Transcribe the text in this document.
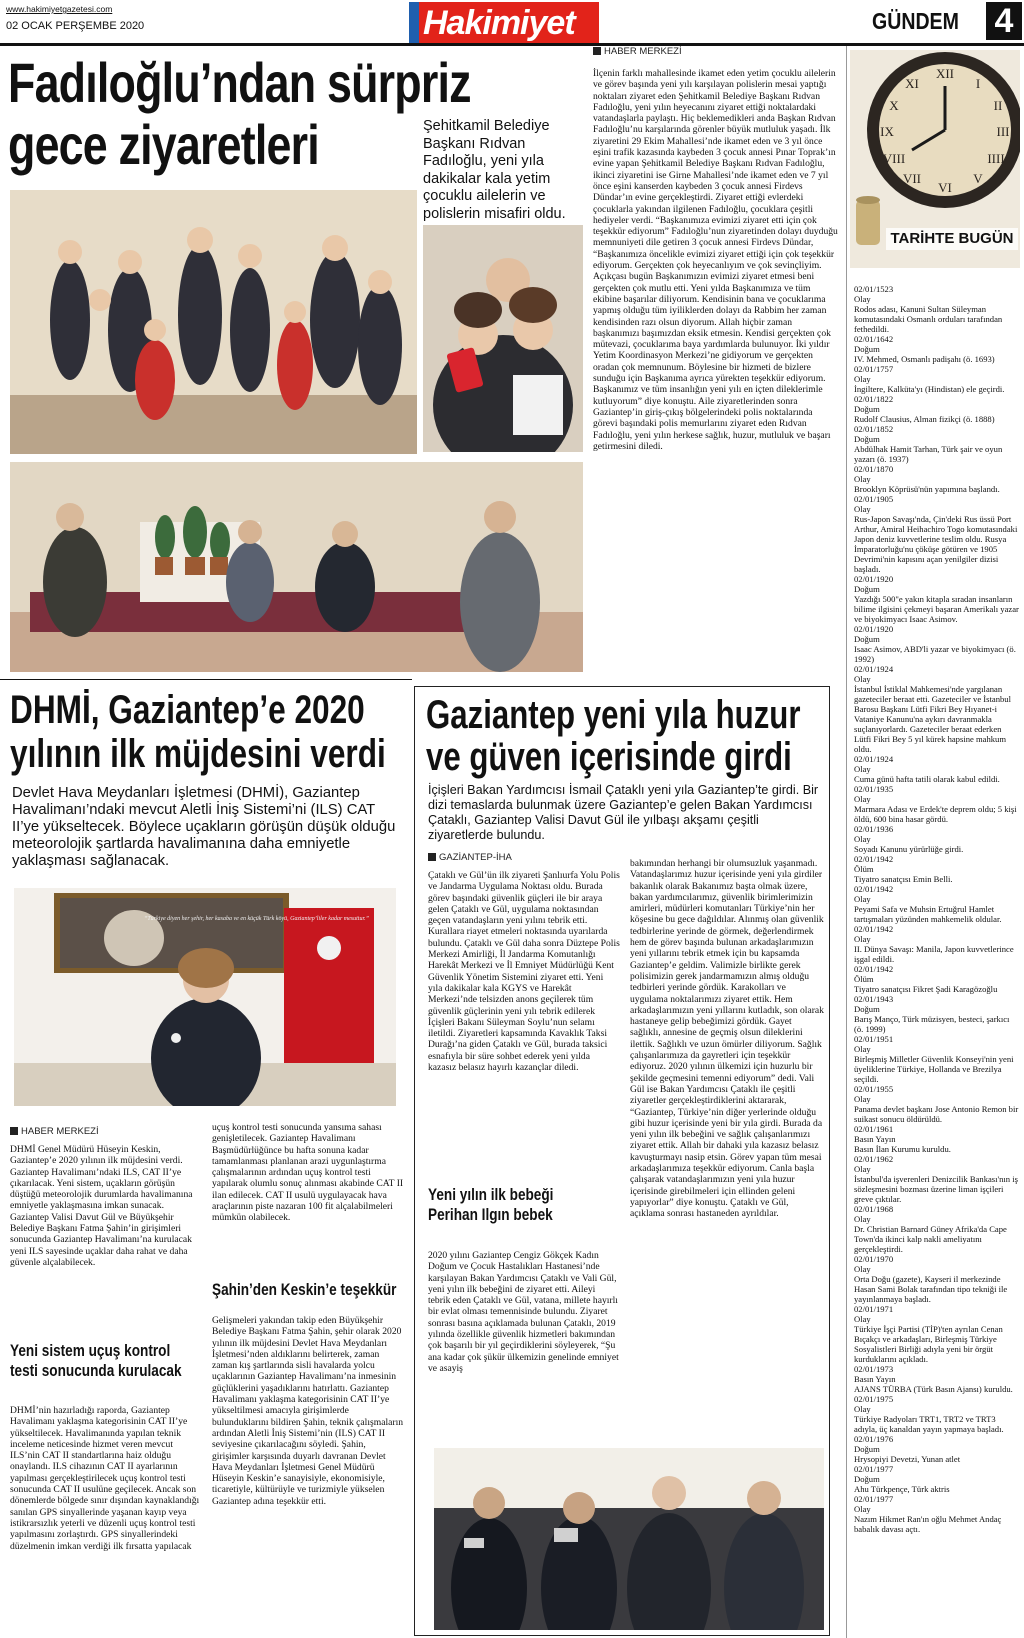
www.hakimiyetgazetesi.com
02 OCAK PERŞEMBE 2020	Hakimiyet	GÜNDEM 4
Fadıloğlu’ndan sürpriz
gece ziyaretleri	Şehitkamil Belediye Başkanı Rıdvan Fadıloğlu, yeni yıla dakikalar kala yetim çocuklu ailelerin ve polislerin misafiri oldu.
HABER MERKEZİ
İlçenin farklı mahallesinde ikamet eden yetim çocuklu ailelerin ve görev başında yeni yılı karşılayan polislerin mesai yaptığı noktaları ziyaret eden Şehitkamil Belediye Başkanı Rıdvan Fadıloğlu, yeni yılın heyecanını ziyaret ettiği noktalardaki vatandaşlarla paylaştı. Hiç beklemedikleri anda Başkan Rıdvan Fadıloğlu’nu karşılarında görenler büyük mutluluk yaşadı. İlk ziyaretini 29 Ekim Mahallesi’nde ikamet eden ve 3 yıl önce eşini trafik kazasında kaybeden 3 çocuk annesi Pınar Toprak’ın evine yapan Şehitkamil Belediye Başkanı Rıdvan Fadıloğlu, ikinci ziyaretini ise Girne Mahallesi’nde ikamet eden ve 7 yıl önce eşini kanserden kaybeden 3 çocuk annesi Firdevs Dündar’ın evine gerçekleştirdi. Ziyaret ettiği evlerdeki çocuklarla yakından ilgilenen Fadıloğlu, çocuklara çeşitli hediyeler verdi. “Başkanımıza evimizi ziyaret etti için çok teşekkür ediyorum” Fadıloğlu’nun ziyaretinden dolayı duyduğu memnuniyeti dile getiren 3 çocuk annesi Firdevs Dündar, “Başkanımıza öncelikle evimizi ziyaret ettiği için çok teşekkür ediyorum. Gerçekten çok heyecanlıyım ve çok sevinçliyim. Açıkçası bugün Başkanımızın evimizi ziyaret etmesi beni gerçekten çok mutlu etti. Yeni yılda Başkanımıza ve tüm ekibine başarılar diliyorum. Kendisinin bana ve çocuklarıma yapmış olduğu tüm iyiliklerden dolayı da Rabbim her zaman kendisinden razı olsun diyorum. Allah hiçbir zaman başkanımızı başımızdan eksik etmesin. Kendisi gerçekten çok mütevazi, çocuklarıma baya yardımlarda bulunuyor. İki yıldır Yetim Koordinasyon Merkezi’ne gidiyorum ve gerçekten oradan çok memnunum. Böylesine bir hizmeti de bizlere sunduğu için Başkanıma ayrıca yürekten teşekkür ediyorum. Başkanımız ve tüm insanlığın yeni yılı en içten dileklerimle kutluyorum” diye konuştu. Aile ziyaretlerinden sonra Gaziantep’in giriş-çıkış bölgelerindeki polis noktalarında görevi başındaki polis memurlarını ziyaret eden Rıdvan Fadıloğlu, yeni yılın herkese sağlık, huzur, mutluluk ve başarı getirmesini diledi.
XII
I
II
III
IIII
V
VI
VII
VIII
IX
X
XI
TARİHTE BUGÜN
02/01/1523
Olay
Rodos adası, Kanuni Sultan Süleyman komutasındaki Osmanlı orduları tarafından fethedildi.
02/01/1642
Doğum
IV. Mehmed, Osmanlı padişahı (ö. 1693)
02/01/1757
Olay
İngiltere, Kalküta'yı (Hindistan) ele geçirdi.
02/01/1822
Doğum
Rudolf Clausius, Alman fizikçi (ö. 1888)
02/01/1852
Doğum
Abdülhak Hamit Tarhan, Türk şair ve oyun yazarı (ö. 1937)
02/01/1870
Olay
Brooklyn Köprüsü'nün yapımına başlandı.
02/01/1905
Olay
Rus-Japon Savaşı'nda, Çin'deki Rus üssü Port Arthur, Amiral Heihachiro Togo komutasındaki Japon deniz kuvvetlerine teslim oldu. Rusya İmparatorluğu'nu çöküşe götüren ve 1905 Devrimi'nin kapısını açan yenilgiler dizisi başladı.
02/01/1920
Doğum
Yazdığı 500"e yakın kitapla sıradan insanların bilime ilgisini çekmeyi başaran Amerikalı yazar ve biyokimyacı Isaac Asimov.
02/01/1920
Doğum
Isaac Asimov, ABD'li yazar ve biyokimyacı (ö. 1992)
02/01/1924
Olay
İstanbul İstiklal Mahkemesi'nde yargılanan gazeteciler beraat etti. Gazeteciler ve İstanbul Barosu Başkanı Lütfi Fikri Bey Hıyanet-i Vataniye Kanunu'na aykırı davranmakla suçlanıyorlardı. Gazeteciler beraat ederken Lütfi Fikri Bey 5 yıl kürek hapsine mahkum oldu.
02/01/1924
Olay
Cuma günü hafta tatili olarak kabul edildi.
02/01/1935
Olay
Marmara Adası ve Erdek'te deprem oldu; 5 kişi öldü, 600 bina hasar gördü.
02/01/1936
Olay
Soyadı Kanunu yürürlüğe girdi.
02/01/1942
Ölüm
Tiyatro sanatçısı Emin Belli.
02/01/1942
Olay
Peyami Safa ve Muhsin Ertuğrul Hamlet tartışmaları yüzünden mahkemelik oldular.
02/01/1942
Olay
II. Dünya Savaşı: Manila, Japon kuvvetlerince işgal edildi.
02/01/1942
Ölüm
Tiyatro sanatçısı Fikret Şadi Karagözoğlu
02/01/1943
Doğum
Barış Manço, Türk müzisyen, besteci, şarkıcı (ö. 1999)
02/01/1951
Olay
Birleşmiş Milletler Güvenlik Konseyi'nin yeni üyeliklerine Türkiye, Hollanda ve Brezilya seçildi.
02/01/1955
Olay
Panama devlet başkanı Jose Antonio Remon bir suikast sonucu öldürüldü.
02/01/1961
Basın Yayın
Basın İlan Kurumu kuruldu.
02/01/1962
Olay
İstanbul'da işverenleri Denizcilik Bankası'nın iş sözleşmesini bozması üzerine liman işçileri greve çıktılar.
02/01/1968
Olay
Dr. Christian Barnard Güney Afrika'da Cape Town'da ikinci kalp nakli ameliyatını gerçekleştirdi.
02/01/1970
Olay
Orta Doğu (gazete), Kayseri il merkezinde Hasan Sami Bolak tarafından tipo tekniği ile yayınlanmaya başladı.
02/01/1971
Olay
Türkiye İşçi Partisi (TİP)'ten ayrılan Cenan Bıçakçı ve arkadaşları, Birleşmiş Türkiye Sosyalistleri Birliği adıyla yeni bir örgüt kurduklarını açıkladı.
02/01/1973
Basın Yayın
AJANS TÜRBA (Türk Basın Ajansı) kuruldu.
02/01/1975
Olay
Türkiye Radyoları TRT1, TRT2 ve TRT3 adıyla, üç kanaldan yayın yapmaya başladı.
02/01/1976
Doğum
Hrysopiyi Devetzi, Yunan atlet
02/01/1977
Doğum
Ahu Türkpençe, Türk aktris
02/01/1977
Olay
Nazım Hikmet Ran'ın oğlu Mehmet Andaç babalık davası açtı.
DHMİ, Gaziantep’e 2020
yılının ilk müjdesini verdi
Devlet Hava Meydanları İşletmesi (DHMİ), Gaziantep Havalimanı’ndaki mevcut Aletli İniş Sistemi’ni (ILS) CAT II’ye yükseltecek. Böylece uçakların görüşün düşük olduğu meteorolojik şartlarda havalimanına daha emniyetle yaklaşması sağlanacak.
“Türkiye diyen her şehir, her kasaba ve en küçük Türk köyü, Gaziantep’liler kadar mesuttur.”
HABER MERKEZİ
DHMİ Genel Müdürü Hüseyin Keskin, Gaziantep’e 2020 yılının ilk müjdesini verdi. Gaziantep Havalimanı’ndaki ILS, CAT II’ye çıkarılacak. Yeni sistem, uçakların görüşün düştüğü meteorolojik durumlarda havalimanına emniyetle yaklaşmasına imkan sunacak. Gaziantep Valisi Davut Gül ve Büyükşehir Belediye Başkanı Fatma Şahin’in girişimleri sonucunda Gaziantep Havalimanı’na kurulacak yeni ILS sayesinde uçaklar daha rahat ve daha güvenle alçalabilecek.
Yeni sistem uçuş kontrol testi sonucunda kurulacak
DHMİ’nin hazırladığı raporda, Gaziantep Havalimanı yaklaşma kategorisinin CAT II’ye yükseltilecek. Havalimanında yapılan teknik inceleme neticesinde hizmet veren mevcut ILS’nin CAT II standartlarına haiz olduğu onaylandı. ILS cihazının CAT II ayarlarının yapılması gerçekleştirilecek uçuş kontrol testi sonucunda CAT II usulüne geçilecek. Ancak son dönemlerde bölgede sınır dışından kaynaklandığı sanılan GPS sinyallerinde yaşanan kayıp veya istikrarsızlık yeterli ve düzenli uçuş kontrol testi yapılmasını zorlaştırdı. GPS sinyallerindeki düzelmenin imkan verdiği ilk fırsatta yapılacak
uçuş kontrol testi sonucunda yansıma sahası genişletilecek. Gaziantep Havalimanı Başmüdürlüğünce bu hafta sonuna kadar tamamlanması planlanan arazi uygunlaştırma çalışmalarının ardından uçuş kontrol testi yapılarak olumlu sonuç alınması akabinde CAT II ilan edilecek. CAT II usulü uygulayacak hava araçlarının piste nazaran 100 fit alçalabilmeleri mümkün olabilecek.
Şahin’den Keskin’e teşekkür
Gelişmeleri yakından takip eden Büyükşehir Belediye Başkanı Fatma Şahin, şehir olarak 2020 yılının ilk müjdesini Devlet Hava Meydanları İşletmesi’nden aldıklarını belirterek, zaman zaman kış şartlarında sisli havalarda yolcu uçaklarının Gaziantep Havalimanı’na inmesinin güçlüklerini yaşadıklarını hatırlattı. Gaziantep Havalimanı yaklaşma kategorisinin CAT II’ye yükseltilmesi amacıyla girişimlerde bulunduklarını bildiren Şahin, teknik çalışmaların ardından Aletli İniş Sistemi’nin (ILS) CAT II seviyesine çıkarılacağını söyledi. Şahin, girişimler karşısında duyarlı davranan Devlet Hava Meydanları İşletmesi Genel Müdürü Hüseyin Keskin’e sanayisiyle, ekonomisiyle, ticaretiyle, kültürüyle ve turizmiyle yükselen Gaziantep adına teşekkür etti.
Gaziantep yeni yıla huzur
ve güven içerisinde girdi
İçişleri Bakan Yardımcısı İsmail Çataklı yeni yıla Gaziantep’te girdi. Bir dizi temaslarda bulunmak üzere Gaziantep’e gelen Bakan Yardımcısı Çataklı, Gaziantep Valisi Davut Gül ile yılbaşı akşamı çeşitli ziyaretlerde bulundu.
GAZİANTEP-İHA
Çataklı ve Gül’ün ilk ziyareti Şanlıurfa Yolu Polis ve Jandarma Uygulama Noktası oldu. Burada görev başındaki güvenlik güçleri ile bir araya gelen Çataklı ve Gül, uygulama noktasından geçen vatandaşların yeni yılını tebrik etti. Kurallara riayet etmeleri noktasında uyarılarda bulundu. Çataklı ve Gül daha sonra Düztepe Polis Merkezi Amirliği, İl Jandarma Komutanlığı Harekât Merkezi ve İl Emniyet Müdürlüğü Kent Güvenlik Yönetim Sistemini ziyaret etti. Yeni yıla dakikalar kala KGYS ve Harekât Merkezi’nde telsizden anons geçilerek tüm güvenlik güçlerinin yeni yılı tebrik edilerek İçişleri Bakanı Süleyman Soylu’nun selamı iletildi. Ziyaretleri kapsamında Kavaklık Taksi Durağı’na giden Çataklı ve Gül, burada taksici esnafıyla bir süre sohbet ederek yeni yılda kazasız belasız hayırlı kazançlar diledi.
Yeni yılın ilk bebeği Perihan Ilgın bebek
2020 yılını Gaziantep Cengiz Gökçek Kadın Doğum ve Çocuk Hastalıkları Hastanesi’nde karşılayan Bakan Yardımcısı Çataklı ve Vali Gül, yeni yılın ilk bebeğini de ziyaret etti. Aileyi tebrik eden Çataklı ve Gül, vatana, millete hayırlı bir evlat olması temennisinde bulundu. Ziyaret sonrası basına açıklamada bulunan Çataklı, 2019 yılında özellikle güvenlik hizmetleri bakımından çok başarılı bir yıl geçirdiklerini söyleyerek, “Şu ana kadar çok şükür ülkemizin genelinde emniyet ve asayiş
bakımından herhangi bir olumsuzluk yaşanmadı. Vatandaşlarımız huzur içerisinde yeni yıla girdiler bakanlık olarak Bakanımız başta olmak üzere, bakan yardımcılarımız, güvenlik birimlerimizin amirleri, müdürleri komutanları Türkiye’nin her köşesine bu gece dağıldılar. Alınmış olan güvenlik tedbirlerine yerinde de görmek, değerlendirmek hem de görev başında bulunan arkadaşlarımızın yeni yıllarını tebrik etmek için bu kapsamda Gaziantep’e geldim. Valimizle birlikte gerek polisimizin gerek jandarmamızın almış olduğu tedbirleri yerinde gördük. Karakolları ve uygulama noktalarımızı ziyaret ettik. Hem arkadaşlarımızın yeni yıllarını kutladık, son olarak hastaneye gelip bebeğimizi gördük. Gayet sağlıklı, annesine de geçmiş olsun dileklerini ilettik. Sağlıklı ve uzun ömürler diliyorum. Sağlık çalışanlarımıza da gayretleri için teşekkür ediyoruz. 2020 yılının ülkemizi için huzurlu bir şekilde geçmesini temenni ediyorum” dedi. Vali Gül ise Bakan Yardımcısı Çataklı ile çeşitli ziyaretler gerçekleştirdiklerini aktararak, “Gaziantep, Türkiye’nin diğer yerlerinde olduğu gibi huzur içerisinde yeni bir yıla girdi. Burada da yeni yılın ilk bebeğini ve sağlık çalışanlarımızı ziyaret ettik. Allah bir dahaki yıla kazasız belasız kavuşturmayı nasip etsin. Görev yapan tüm mesai arkadaşlarımıza teşekkür ediyorum. Canla başla çalışarak vatandaşlarımızın yeni yıla huzur içerisinde girebilmeleri için ellinden geleni yapıyorlar” diye konuştu. Çataklı ve Gül, açıklama sonrası hastaneden ayrıldılar.
